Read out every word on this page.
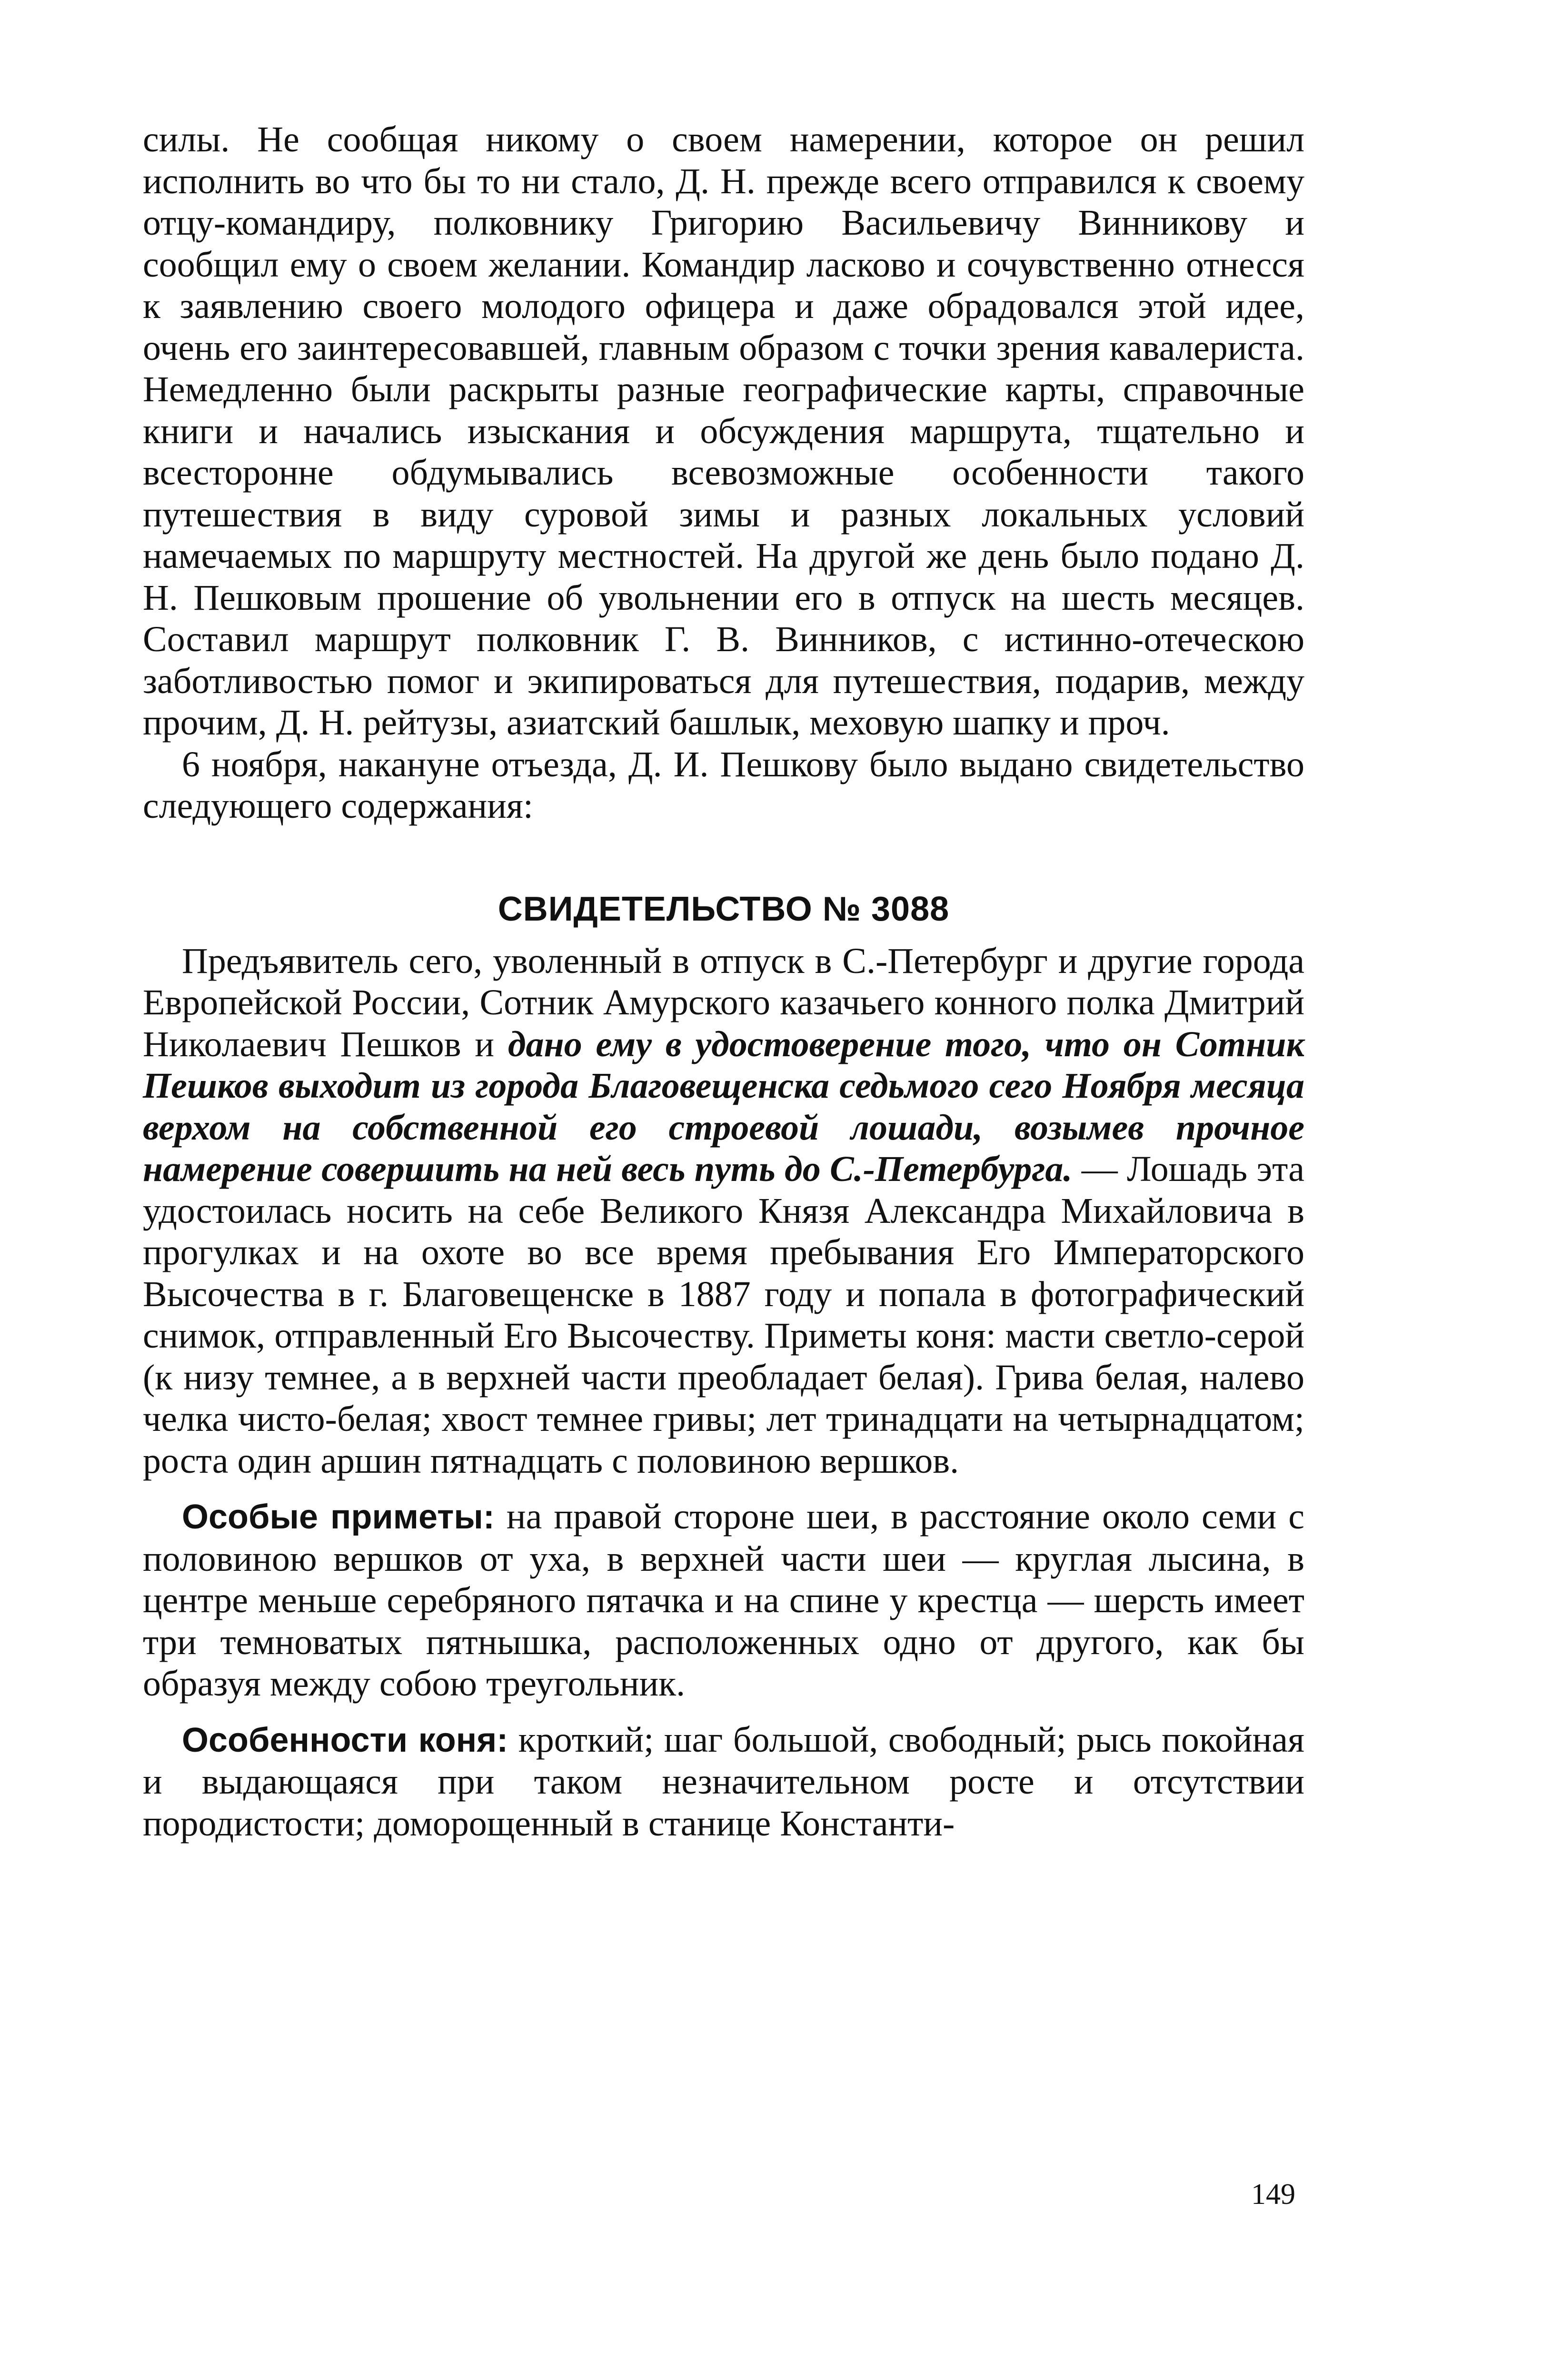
силы. Не сообщая никому о своем намерении, которое он решил исполнить во что бы то ни стало, Д. Н. прежде всего отправился к своему отцу-командиру, полковнику Григорию Васильевичу Винникову и сообщил ему о своем желании. Командир ласково и сочувственно отнесся к заявлению своего молодого офицера и даже обрадовался этой идее, очень его заинтересовавшей, главным образом с точки зрения кавалериста. Немедленно были раскрыты разные географические карты, справочные книги и начались изыскания и обсуждения маршрута, тщательно и всесторонне обдумывались всевозможные особенности такого путешествия в виду суровой зимы и разных локальных условий намечаемых по маршруту местностей. На другой же день было подано Д. Н. Пешковым прошение об увольнении его в отпуск на шесть месяцев. Составил маршрут полковник Г. В. Винников, с истинно-отеческою заботливостью помог и экипироваться для путешествия, подарив, между прочим, Д. Н. рейтузы, азиатский башлык, меховую шапку и проч.

6 ноября, накануне отъезда, Д. И. Пешкову было выдано свидетельство следующего содержания:

СВИДЕТЕЛЬСТВО № 3088

Предъявитель сего, уволенный в отпуск в С.-Петербург и другие города Европейской России, Сотник Амурского казачьего конного полка Дмитрий Николаевич Пешков и дано ему в удостоверение того, что он Сотник Пешков выходит из города Благовещенска седьмого сего Ноября месяца верхом на собственной его строевой лошади, возымев прочное намерение совершить на ней весь путь до С.-Петербурга. — Лошадь эта удостоилась носить на себе Великого Князя Александра Михайловича в прогулках и на охоте во все время пребывания Его Императорского Высочества в г. Благовещенске в 1887 году и попала в фотографический снимок, отправленный Его Высочеству. Приметы коня: масти светло-серой (к низу темнее, а в верхней части преобладает белая). Грива белая, налево челка чисто-белая; хвост темнее гривы; лет тринадцати на четырнадцатом; роста один аршин пятнадцать с половиною вершков.

Особые приметы: на правой стороне шеи, в расстояние около семи с половиною вершков от уха, в верхней части шеи — круглая лысина, в центре меньше серебряного пятачка и на спине у крестца — шерсть имеет три темноватых пятнышка, расположенных одно от другого, как бы образуя между собою треугольник.

Особенности коня: кроткий; шаг большой, свободный; рысь покойная и выдающаяся при таком незначительном росте и отсутствии породистости; доморощенный в станице Константи-

149
